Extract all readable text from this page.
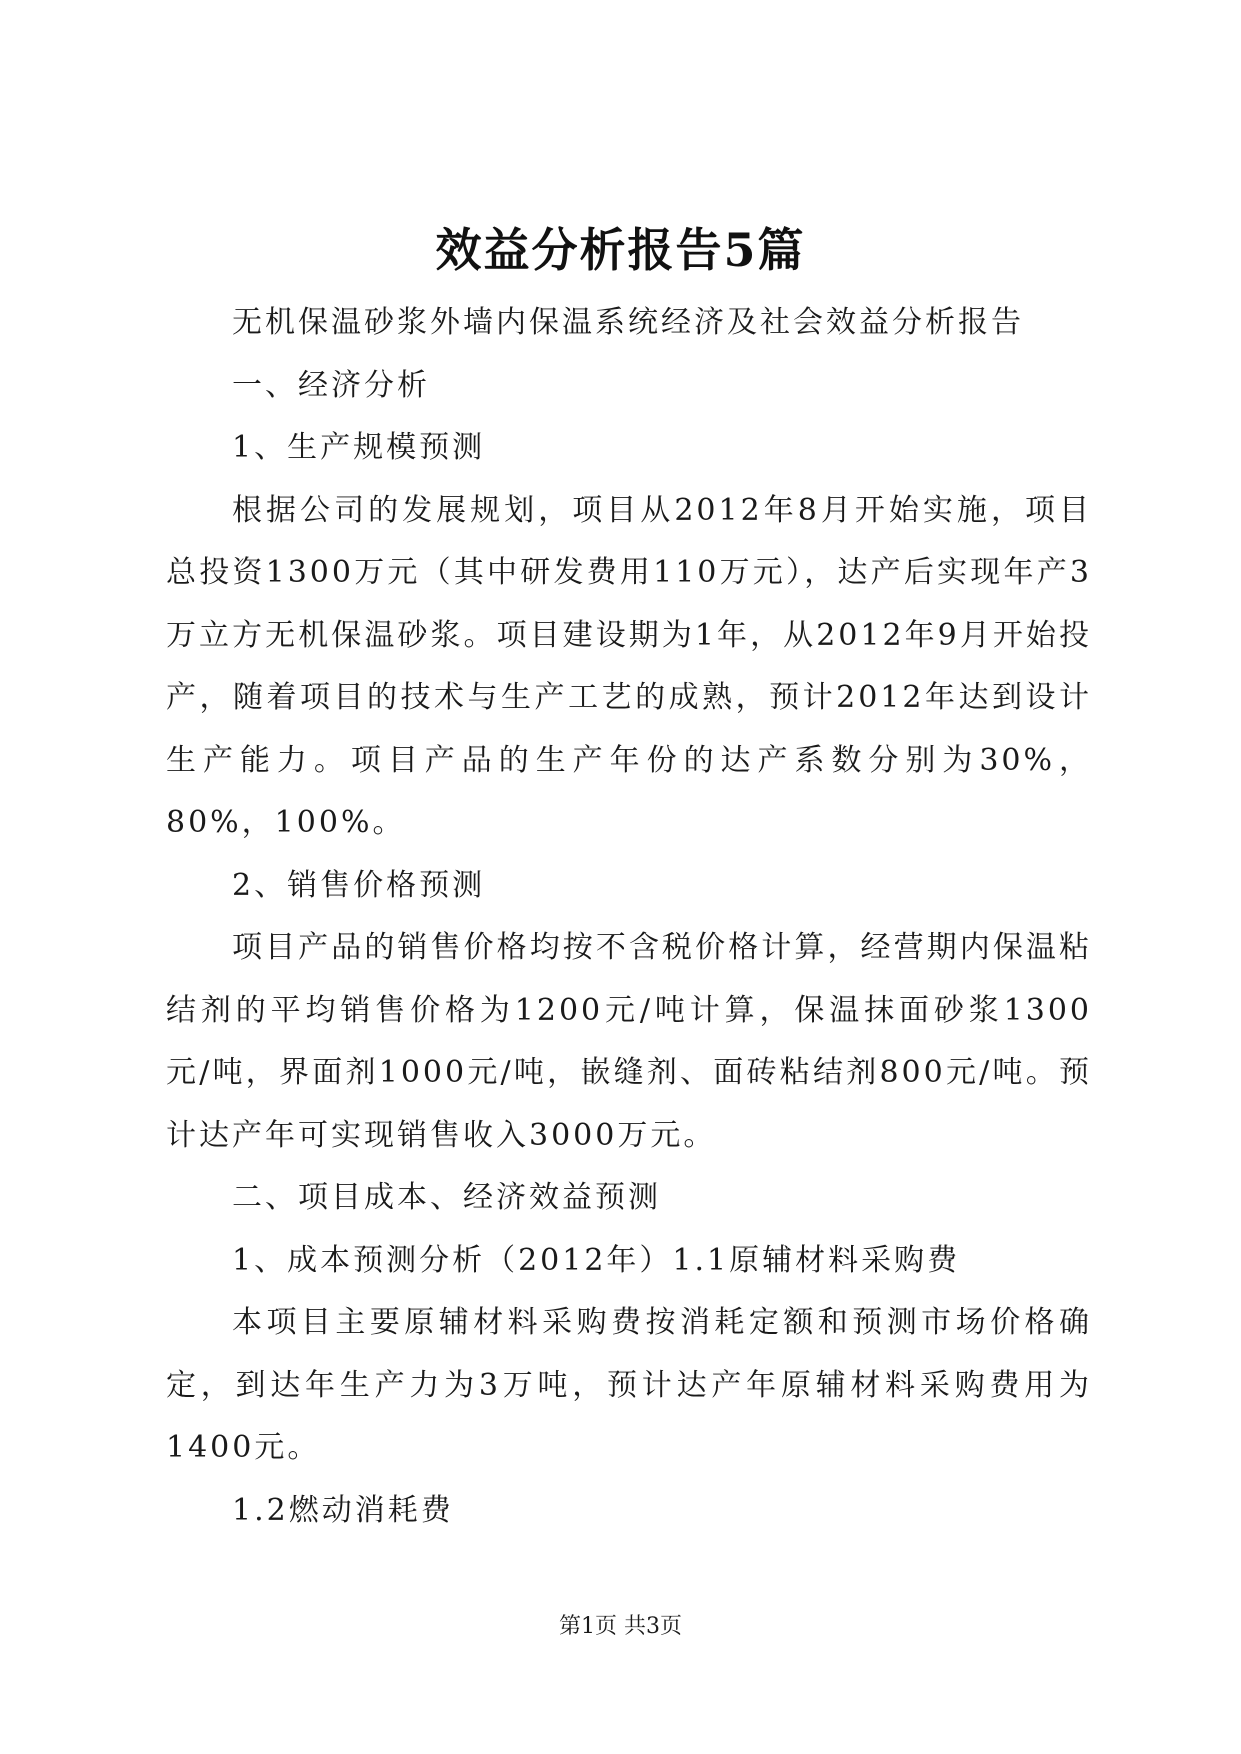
效益分析报告5篇

无机保温砂浆外墙内保温系统经济及社会效益分析报告

一、经济分析

1、生产规模预测

根据公司的发展规划，项目从2012年8月开始实施，项目总投资1300万元（其中研发费用110万元），达产后实现年产3万立方无机保温砂浆。项目建设期为1年，从2012年9月开始投产，随着项目的技术与生产工艺的成熟，预计2012年达到设计生产能力。项目产品的生产年份的达产系数分别为30%，80%，100%。

2、销售价格预测

项目产品的销售价格均按不含税价格计算，经营期内保温粘结剂的平均销售价格为1200元/吨计算，保温抹面砂浆1300元/吨，界面剂1000元/吨，嵌缝剂、面砖粘结剂800元/吨。预计达产年可实现销售收入3000万元。

二、项目成本、经济效益预测

1、成本预测分析（2012年）1.1原辅材料采购费

本项目主要原辅材料采购费按消耗定额和预测市场价格确定，到达年生产力为3万吨，预计达产年原辅材料采购费用为1400元。

1.2燃动消耗费

第1页 共3页
